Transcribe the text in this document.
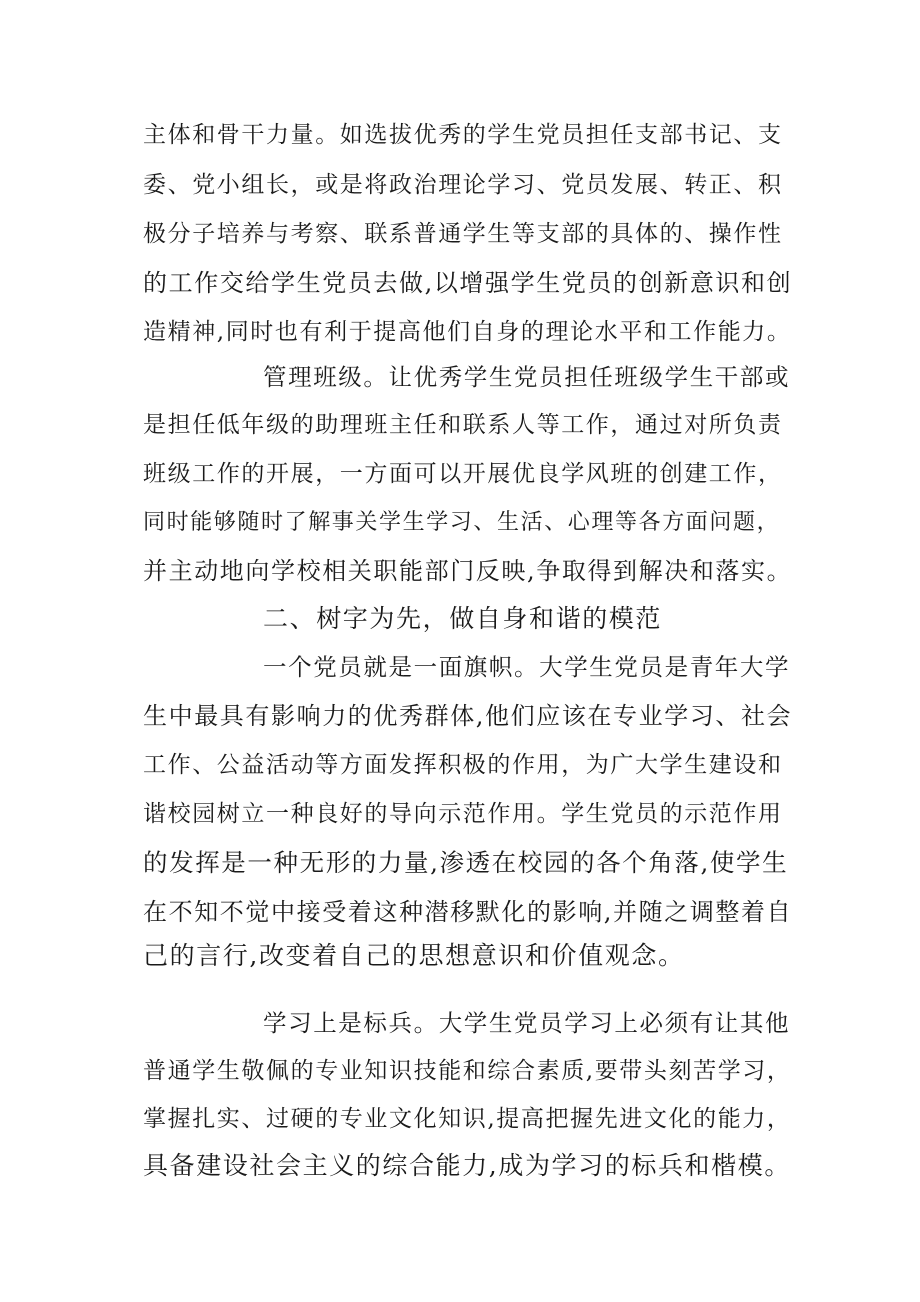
主体和骨干力量。如选拔优秀的学生党员担任支部书记、支
委、党小组长，或是将政治理论学习、党员发展、转正、积
极分子培养与考察、联系普通学生等支部的具体的、操作性
的工作交给学生党员去做,以增强学生党员的创新意识和创
造精神,同时也有利于提高他们自身的理论水平和工作能力。
管理班级。让优秀学生党员担任班级学生干部或
是担任低年级的助理班主任和联系人等工作，通过对所负责
班级工作的开展，一方面可以开展优良学风班的创建工作，
同时能够随时了解事关学生学习、生活、心理等各方面问题，
并主动地向学校相关职能部门反映,争取得到解决和落实。
二、树字为先，做自身和谐的模范
一个党员就是一面旗帜。大学生党员是青年大学
生中最具有影响力的优秀群体,他们应该在专业学习、社会
工作、公益活动等方面发挥积极的作用，为广大学生建设和
谐校园树立一种良好的导向示范作用。学生党员的示范作用
的发挥是一种无形的力量,渗透在校园的各个角落,使学生
在不知不觉中接受着这种潜移默化的影响,并随之调整着自
己的言行,改变着自己的思想意识和价值观念。
学习上是标兵。大学生党员学习上必须有让其他
普通学生敬佩的专业知识技能和综合素质,要带头刻苦学习，
掌握扎实、过硬的专业文化知识,提高把握先进文化的能力，
具备建设社会主义的综合能力,成为学习的标兵和楷模。
